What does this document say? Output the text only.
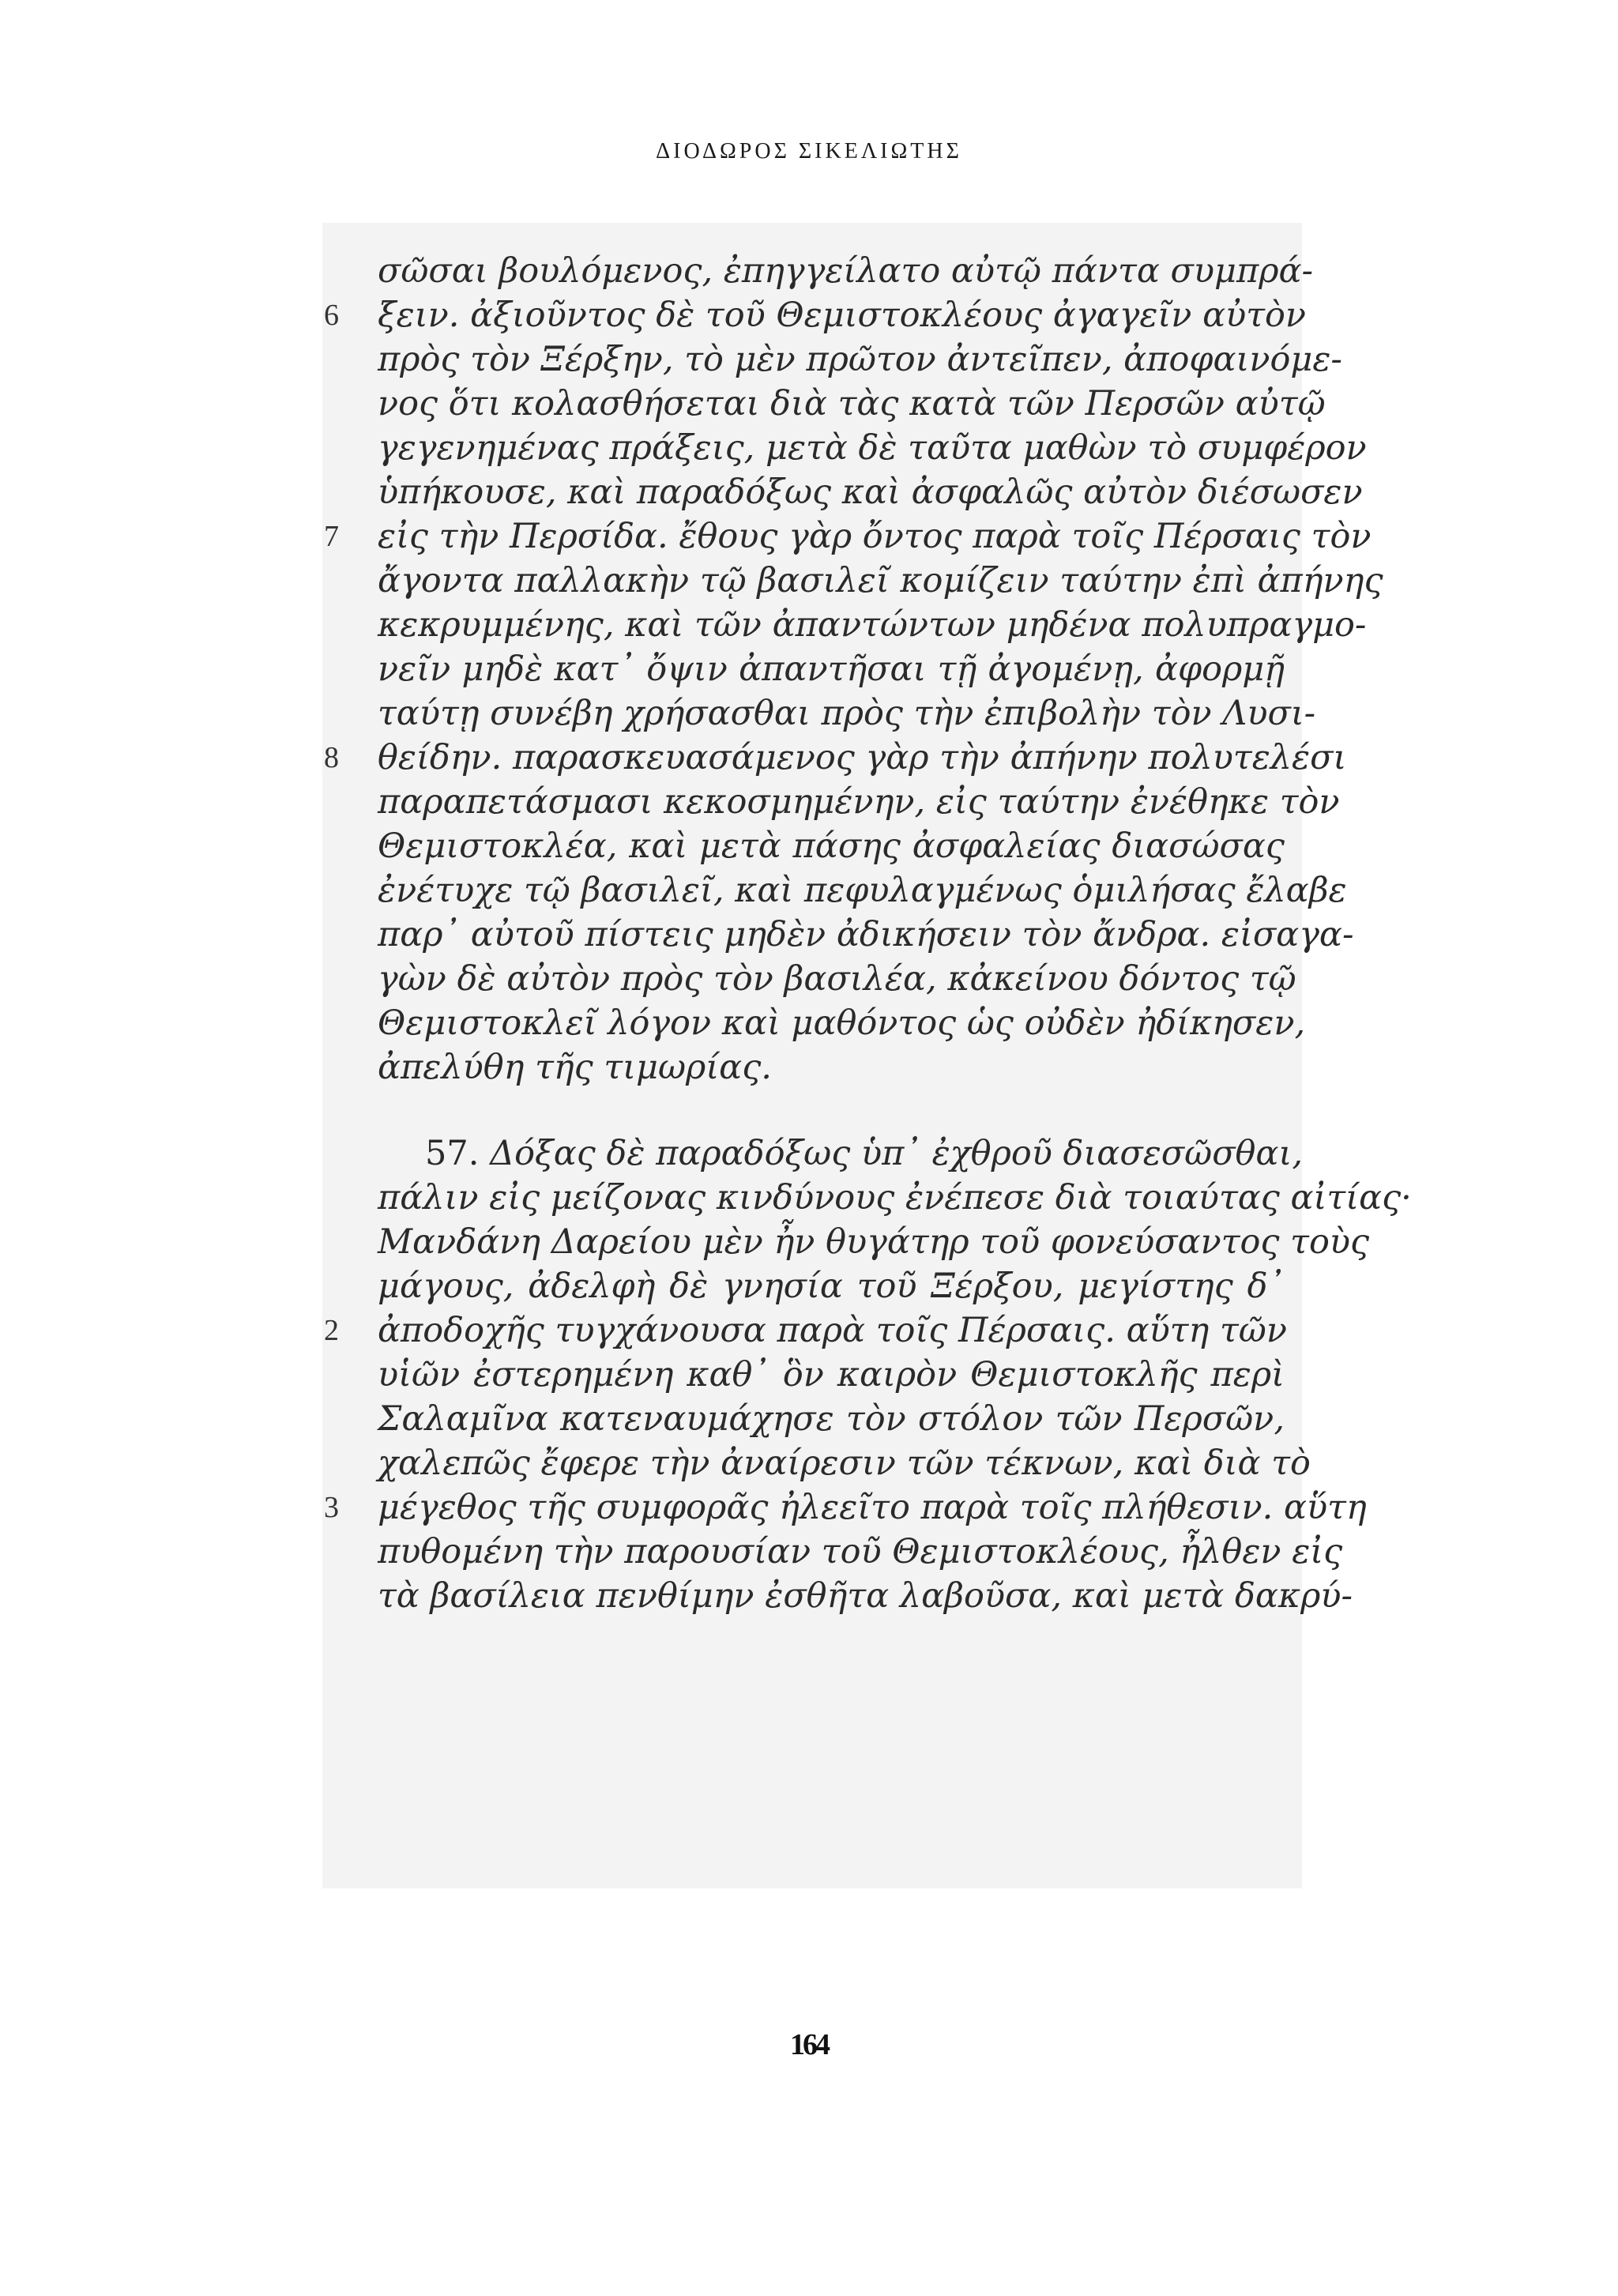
ΔΙΟΔΩΡΟΣ ΣΙΚΕΛΙΩΤΗΣ
σῶσαι βουλόμενος, ἐπηγγείλατο αὐτῷ πάντα συμπρά-
ξειν. ἀξιοῦντος δὲ τοῦ Θεμιστοκλέους ἀγαγεῖν αὐτὸν
πρὸς τὸν Ξέρξην, τὸ μὲν πρῶτον ἀντεῖπεν, ἀποφαινόμε-
νος ὅτι κολασθήσεται διὰ τὰς κατὰ τῶν Περσῶν αὐτῷ
γεγενημένας πράξεις, μετὰ δὲ ταῦτα μαθὼν τὸ συμφέρον
ὑπήκουσε, καὶ παραδόξως καὶ ἀσφαλῶς αὐτὸν διέσωσεν
εἰς τὴν Περσίδα. ἔθους γὰρ ὄντος παρὰ τοῖς Πέρσαις τὸν
ἄγοντα παλλακὴν τῷ βασιλεῖ κομίζειν ταύτην ἐπὶ ἀπήνης
κεκρυμμένης, καὶ τῶν ἀπαντώντων μηδένα πολυπραγμο-
νεῖν μηδὲ κατ᾽ ὄψιν ἀπαντῆσαι τῇ ἀγομένῃ, ἀφορμῇ
ταύτῃ συνέβη χρήσασθαι πρὸς τὴν ἐπιβολὴν τὸν Λυσι-
θείδην. παρασκευασάμενος γὰρ τὴν ἀπήνην πολυτελέσι
παραπετάσμασι κεκοσμημένην, εἰς ταύτην ἐνέθηκε τὸν
Θεμιστοκλέα, καὶ μετὰ πάσης ἀσφαλείας διασώσας
ἐνέτυχε τῷ βασιλεῖ, καὶ πεφυλαγμένως ὁμιλήσας ἔλαβε
παρ᾽ αὐτοῦ πίστεις μηδὲν ἀδικήσειν τὸν ἄνδρα. εἰσαγα-
γὼν δὲ αὐτὸν πρὸς τὸν βασιλέα, κἀκείνου δόντος τῷ
Θεμιστοκλεῖ λόγον καὶ μαθόντος ὡς οὐδὲν ἠδίκησεν,
ἀπελύθη τῆς τιμωρίας.
57. Δόξας δὲ παραδόξως ὑπ᾽ ἐχθροῦ διασεσῶσθαι,
πάλιν εἰς μείζονας κινδύνους ἐνέπεσε διὰ τοιαύτας αἰτίας·
Μανδάνη Δαρείου μὲν ἦν θυγάτηρ τοῦ φονεύσαντος τοὺς
μάγους, ἀδελφὴ δὲ γνησία τοῦ Ξέρξου, μεγίστης δ᾽
ἀποδοχῆς τυγχάνουσα παρὰ τοῖς Πέρσαις. αὕτη τῶν
υἱῶν ἐστερημένη καθ᾽ ὃν καιρὸν Θεμιστοκλῆς περὶ
Σαλαμῖνα κατεναυμάχησε τὸν στόλον τῶν Περσῶν,
χαλεπῶς ἔφερε τὴν ἀναίρεσιν τῶν τέκνων, καὶ διὰ τὸ
μέγεθος τῆς συμφορᾶς ἠλεεῖτο παρὰ τοῖς πλήθεσιν. αὕτη
πυθομένη τὴν παρουσίαν τοῦ Θεμιστοκλέους, ἦλθεν εἰς
τὰ βασίλεια πενθίμην ἐσθῆτα λαβοῦσα, καὶ μετὰ δακρύ-
6
7
8
2
3
164
